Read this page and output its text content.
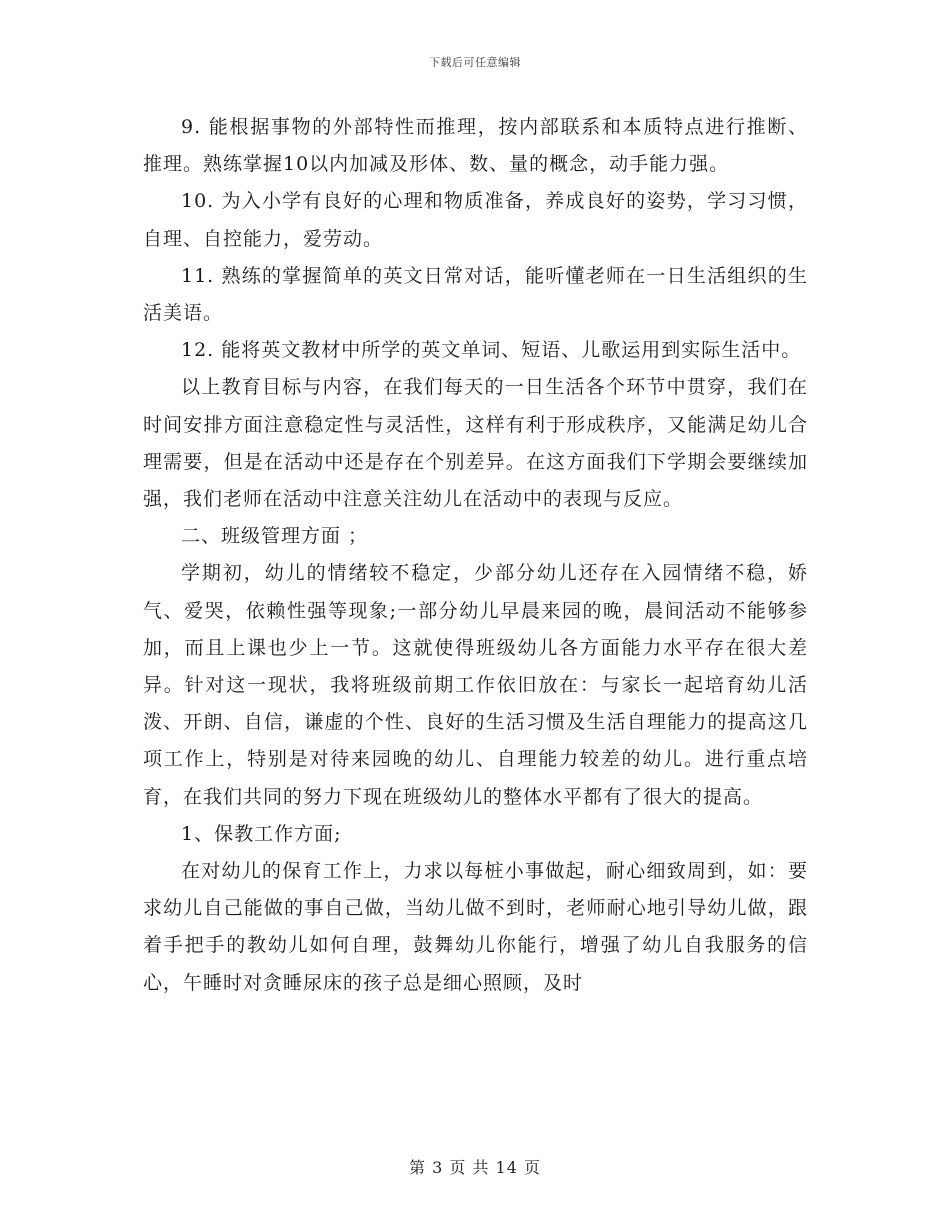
下载后可任意编辑

9. 能根据事物的外部特性而推理，按内部联系和本质特点进行推断、推理。熟练掌握10以内加减及形体、数、量的概念，动手能力强。

10. 为入小学有良好的心理和物质准备，养成良好的姿势，学习习惯，自理、自控能力，爱劳动。

11. 熟练的掌握简单的英文日常对话，能听懂老师在一日生活组织的生活美语。

12. 能将英文教材中所学的英文单词、短语、儿歌运用到实际生活中。

以上教育目标与内容，在我们每天的一日生活各个环节中贯穿，我们在时间安排方面注意稳定性与灵活性，这样有利于形成秩序，又能满足幼儿合理需要，但是在活动中还是存在个别差异。在这方面我们下学期会要继续加强，我们老师在活动中注意关注幼儿在活动中的表现与反应。

二、班级管理方面 ；

学期初，幼儿的情绪较不稳定，少部分幼儿还存在入园情绪不稳，娇气、爱哭，依赖性强等现象;一部分幼儿早晨来园的晚，晨间活动不能够参加，而且上课也少上一节。这就使得班级幼儿各方面能力水平存在很大差异。针对这一现状，我将班级前期工作依旧放在：与家长一起培育幼儿活泼、开朗、自信，谦虚的个性、良好的生活习惯及生活自理能力的提高这几项工作上，特别是对待来园晚的幼儿、自理能力较差的幼儿。进行重点培育，在我们共同的努力下现在班级幼儿的整体水平都有了很大的提高。

1、保教工作方面;

在对幼儿的保育工作上，力求以每桩小事做起，耐心细致周到，如：要求幼儿自己能做的事自己做，当幼儿做不到时，老师耐心地引导幼儿做，跟着手把手的教幼儿如何自理，鼓舞幼儿你能行，增强了幼儿自我服务的信心，午睡时对贪睡尿床的孩子总是细心照顾，及时

第 3 页 共 14 页
